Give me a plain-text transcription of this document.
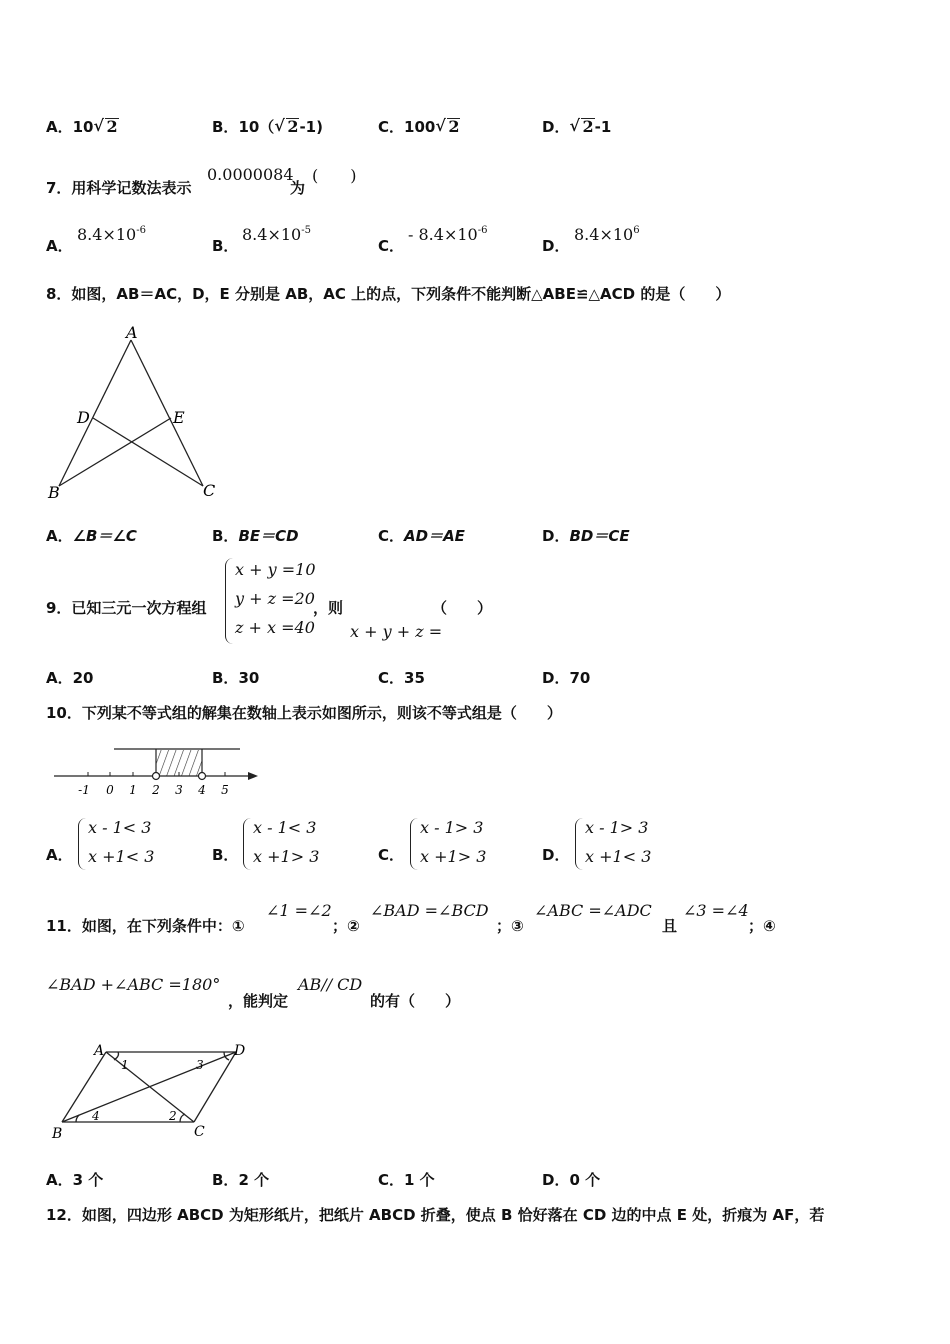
A．10 √ 2	B．10（ √ 2-1)	C．100 √ 2	D． √ 2-1
7．用科学记数法表示
0.0000084
为
(　　)
A．
$8.4\times 10^{-6}$
B．
$8.4\times 10^{-5}$
C．
- $8.4\times 10^{-6}$
D．
$8.4\times 10^6$
8．如图，AB＝AC，D，E 分别是 AB，AC 上的点，下列条件不能判断△ABE≌△ACD 的是（　　）
A
D	E
B	C
A．∠B＝∠C	B．BE＝CD	C．AD＝AE	D．BD＝CE
9．已知三元一次方程组
x + y =10
y + z =20
z + x =40
，则
x + y + z =
（　　）
A．20	B．30	C．35	D．70
10．下列某不等式组的解集在数轴上表示如图所示，则该不等式组是（　　）
-1 0 1 2 3 4 5
A．
x - 1< 3
x +1< 3	B．
x - 1< 3
x +1> 3	C．
x - 1> 3
x +1> 3	D．
x - 1> 3
x +1< 3
11．如图，在下列条件中：①
∠1 =∠2
；②
∠BAD =∠BCD
；③
∠ABC =∠ADC
且
∠3 =∠4
；④
∠BAD +∠ABC =180°
，能判定
AB// CD
的有（　　）
A	D
B	C
1	3
2
4
A．3 个	B．2 个	C．1 个	D．0 个
12．如图，四边形 ABCD 为矩形纸片，把纸片 ABCD 折叠，使点 B 恰好落在 CD 边的中点 E 处，折痕为 AF，若
